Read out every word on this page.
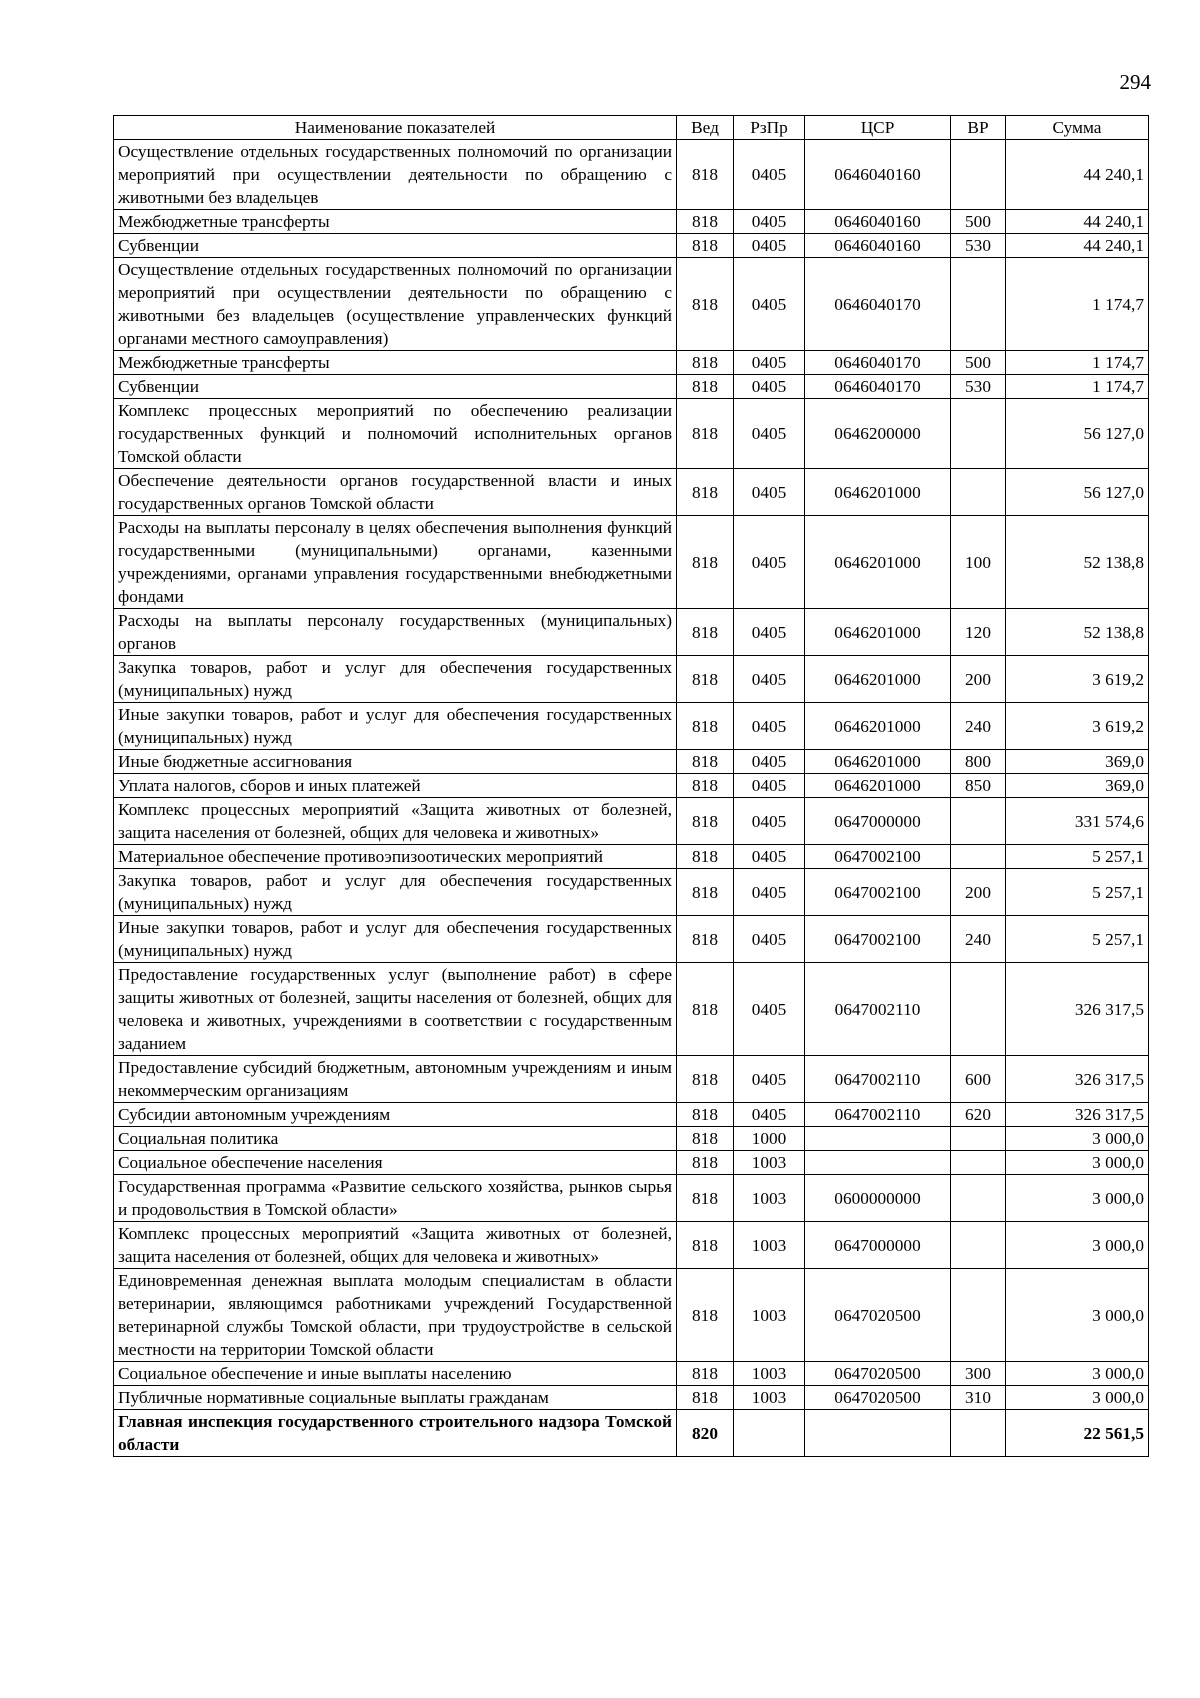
294
Наименование показателей	Вед	РзПр	ЦСР	ВР	Сумма
Осуществление отдельных государственных полномочий по организации мероприятий при осуществлении деятельности по обращению с животными без владельцев	818	0405	0646040160		44 240,1
Межбюджетные трансферты	818	0405	0646040160	500	44 240,1
Субвенции	818	0405	0646040160	530	44 240,1
Осуществление отдельных государственных полномочий по организации мероприятий при осуществлении деятельности по обращению с животными без владельцев (осуществление управленческих функций органами местного самоуправления)	818	0405	0646040170		1 174,7
Межбюджетные трансферты	818	0405	0646040170	500	1 174,7
Субвенции	818	0405	0646040170	530	1 174,7
Комплекс процессных мероприятий по обеспечению реализации государственных функций и полномочий исполнительных органов Томской области	818	0405	0646200000		56 127,0
Обеспечение деятельности органов государственной власти и иных государственных органов Томской области	818	0405	0646201000		56 127,0
Расходы на выплаты персоналу в целях обеспечения выполнения функций государственными (муниципальными) органами, казенными учреждениями, органами управления государственными внебюджетными фондами	818	0405	0646201000	100	52 138,8
Расходы на выплаты персоналу государственных (муниципальных) органов	818	0405	0646201000	120	52 138,8
Закупка товаров, работ и услуг для обеспечения государственных (муниципальных) нужд	818	0405	0646201000	200	3 619,2
Иные закупки товаров, работ и услуг для обеспечения государственных (муниципальных) нужд	818	0405	0646201000	240	3 619,2
Иные бюджетные ассигнования	818	0405	0646201000	800	369,0
Уплата налогов, сборов и иных платежей	818	0405	0646201000	850	369,0
Комплекс процессных мероприятий «Защита животных от болезней, защита населения от болезней, общих для человека и животных»	818	0405	0647000000		331 574,6
Материальное обеспечение противоэпизоотических мероприятий	818	0405	0647002100		5 257,1
Закупка товаров, работ и услуг для обеспечения государственных (муниципальных) нужд	818	0405	0647002100	200	5 257,1
Иные закупки товаров, работ и услуг для обеспечения государственных (муниципальных) нужд	818	0405	0647002100	240	5 257,1
Предоставление государственных услуг (выполнение работ) в сфере защиты животных от болезней, защиты населения от болезней, общих для человека и животных, учреждениями в соответствии с государственным заданием	818	0405	0647002110		326 317,5
Предоставление субсидий бюджетным, автономным учреждениям и иным некоммерческим организациям	818	0405	0647002110	600	326 317,5
Субсидии автономным учреждениям	818	0405	0647002110	620	326 317,5
Социальная политика	818	1000			3 000,0
Социальное обеспечение населения	818	1003			3 000,0
Государственная программа «Развитие сельского хозяйства, рынков сырья и продовольствия в Томской области»	818	1003	0600000000		3 000,0
Комплекс процессных мероприятий «Защита животных от болезней, защита населения от болезней, общих для человека и животных»	818	1003	0647000000		3 000,0
Единовременная денежная выплата молодым специалистам в области ветеринарии, являющимся работниками учреждений Государственной ветеринарной службы Томской области, при трудоустройстве в сельской местности на территории Томской области	818	1003	0647020500		3 000,0
Социальное обеспечение и иные выплаты населению	818	1003	0647020500	300	3 000,0
Публичные нормативные социальные выплаты гражданам	818	1003	0647020500	310	3 000,0
Главная инспекция государственного строительного надзора Томской области	820				22 561,5
